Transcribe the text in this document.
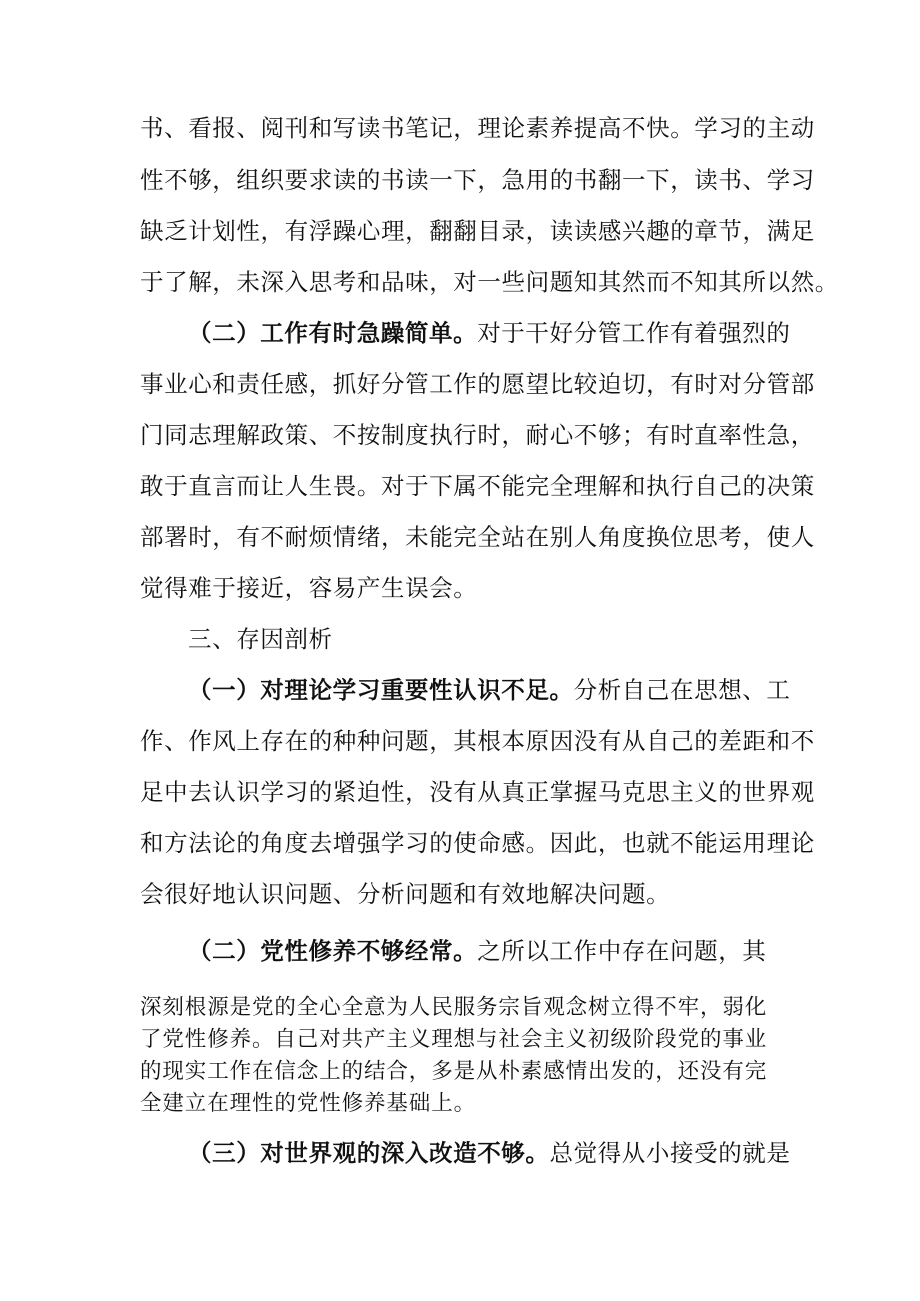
书、看报、阅刊和写读书笔记，理论素养提高不快。学习的主动
性不够，组织要求读的书读一下，急用的书翻一下，读书、学习
缺乏计划性，有浮躁心理，翻翻目录，读读感兴趣的章节，满足
于了解，未深入思考和品味，对一些问题知其然而不知其所以然。
（二）工作有时急躁简单。对于干好分管工作有着强烈的
事业心和责任感，抓好分管工作的愿望比较迫切，有时对分管部
门同志理解政策、不按制度执行时，耐心不够；有时直率性急，
敢于直言而让人生畏。对于下属不能完全理解和执行自己的决策
部署时，有不耐烦情绪，未能完全站在别人角度换位思考，使人
觉得难于接近，容易产生误会。
三、存因剖析
（一）对理论学习重要性认识不足。分析自己在思想、工
作、作风上存在的种种问题，其根本原因没有从自己的差距和不
足中去认识学习的紧迫性，没有从真正掌握马克思主义的世界观
和方法论的角度去增强学习的使命感。因此，也就不能运用理论
会很好地认识问题、分析问题和有效地解决问题。
（二）党性修养不够经常。之所以工作中存在问题，其
深刻根源是党的全心全意为人民服务宗旨观念树立得不牢，弱化
了党性修养。自己对共产主义理想与社会主义初级阶段党的事业
的现实工作在信念上的结合，多是从朴素感情出发的，还没有完
全建立在理性的党性修养基础上。
（三）对世界观的深入改造不够。总觉得从小接受的就是
